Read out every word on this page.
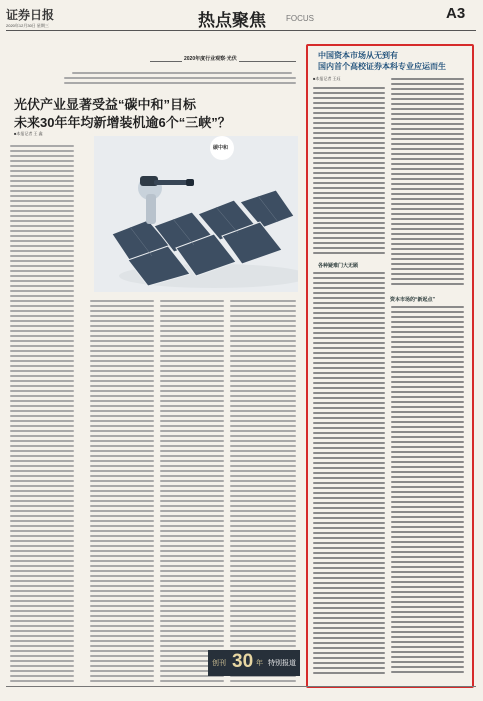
证券日报
2020年12月30日 星期三	热点聚焦	FOCUS	A3
2020年度行业观察·光伏
光伏产业显著受益“碳中和”目标
未来30年年均新增装机逾6个“三峡”？
■本报记者 王 鑫
碳中和
中国资本市场从无到有
国内首个高校证券本科专业应运而生
■本报记者 王珏
各种疑难门大无顾
资本市场的“新起点”
创刊 30 年 特别报道
